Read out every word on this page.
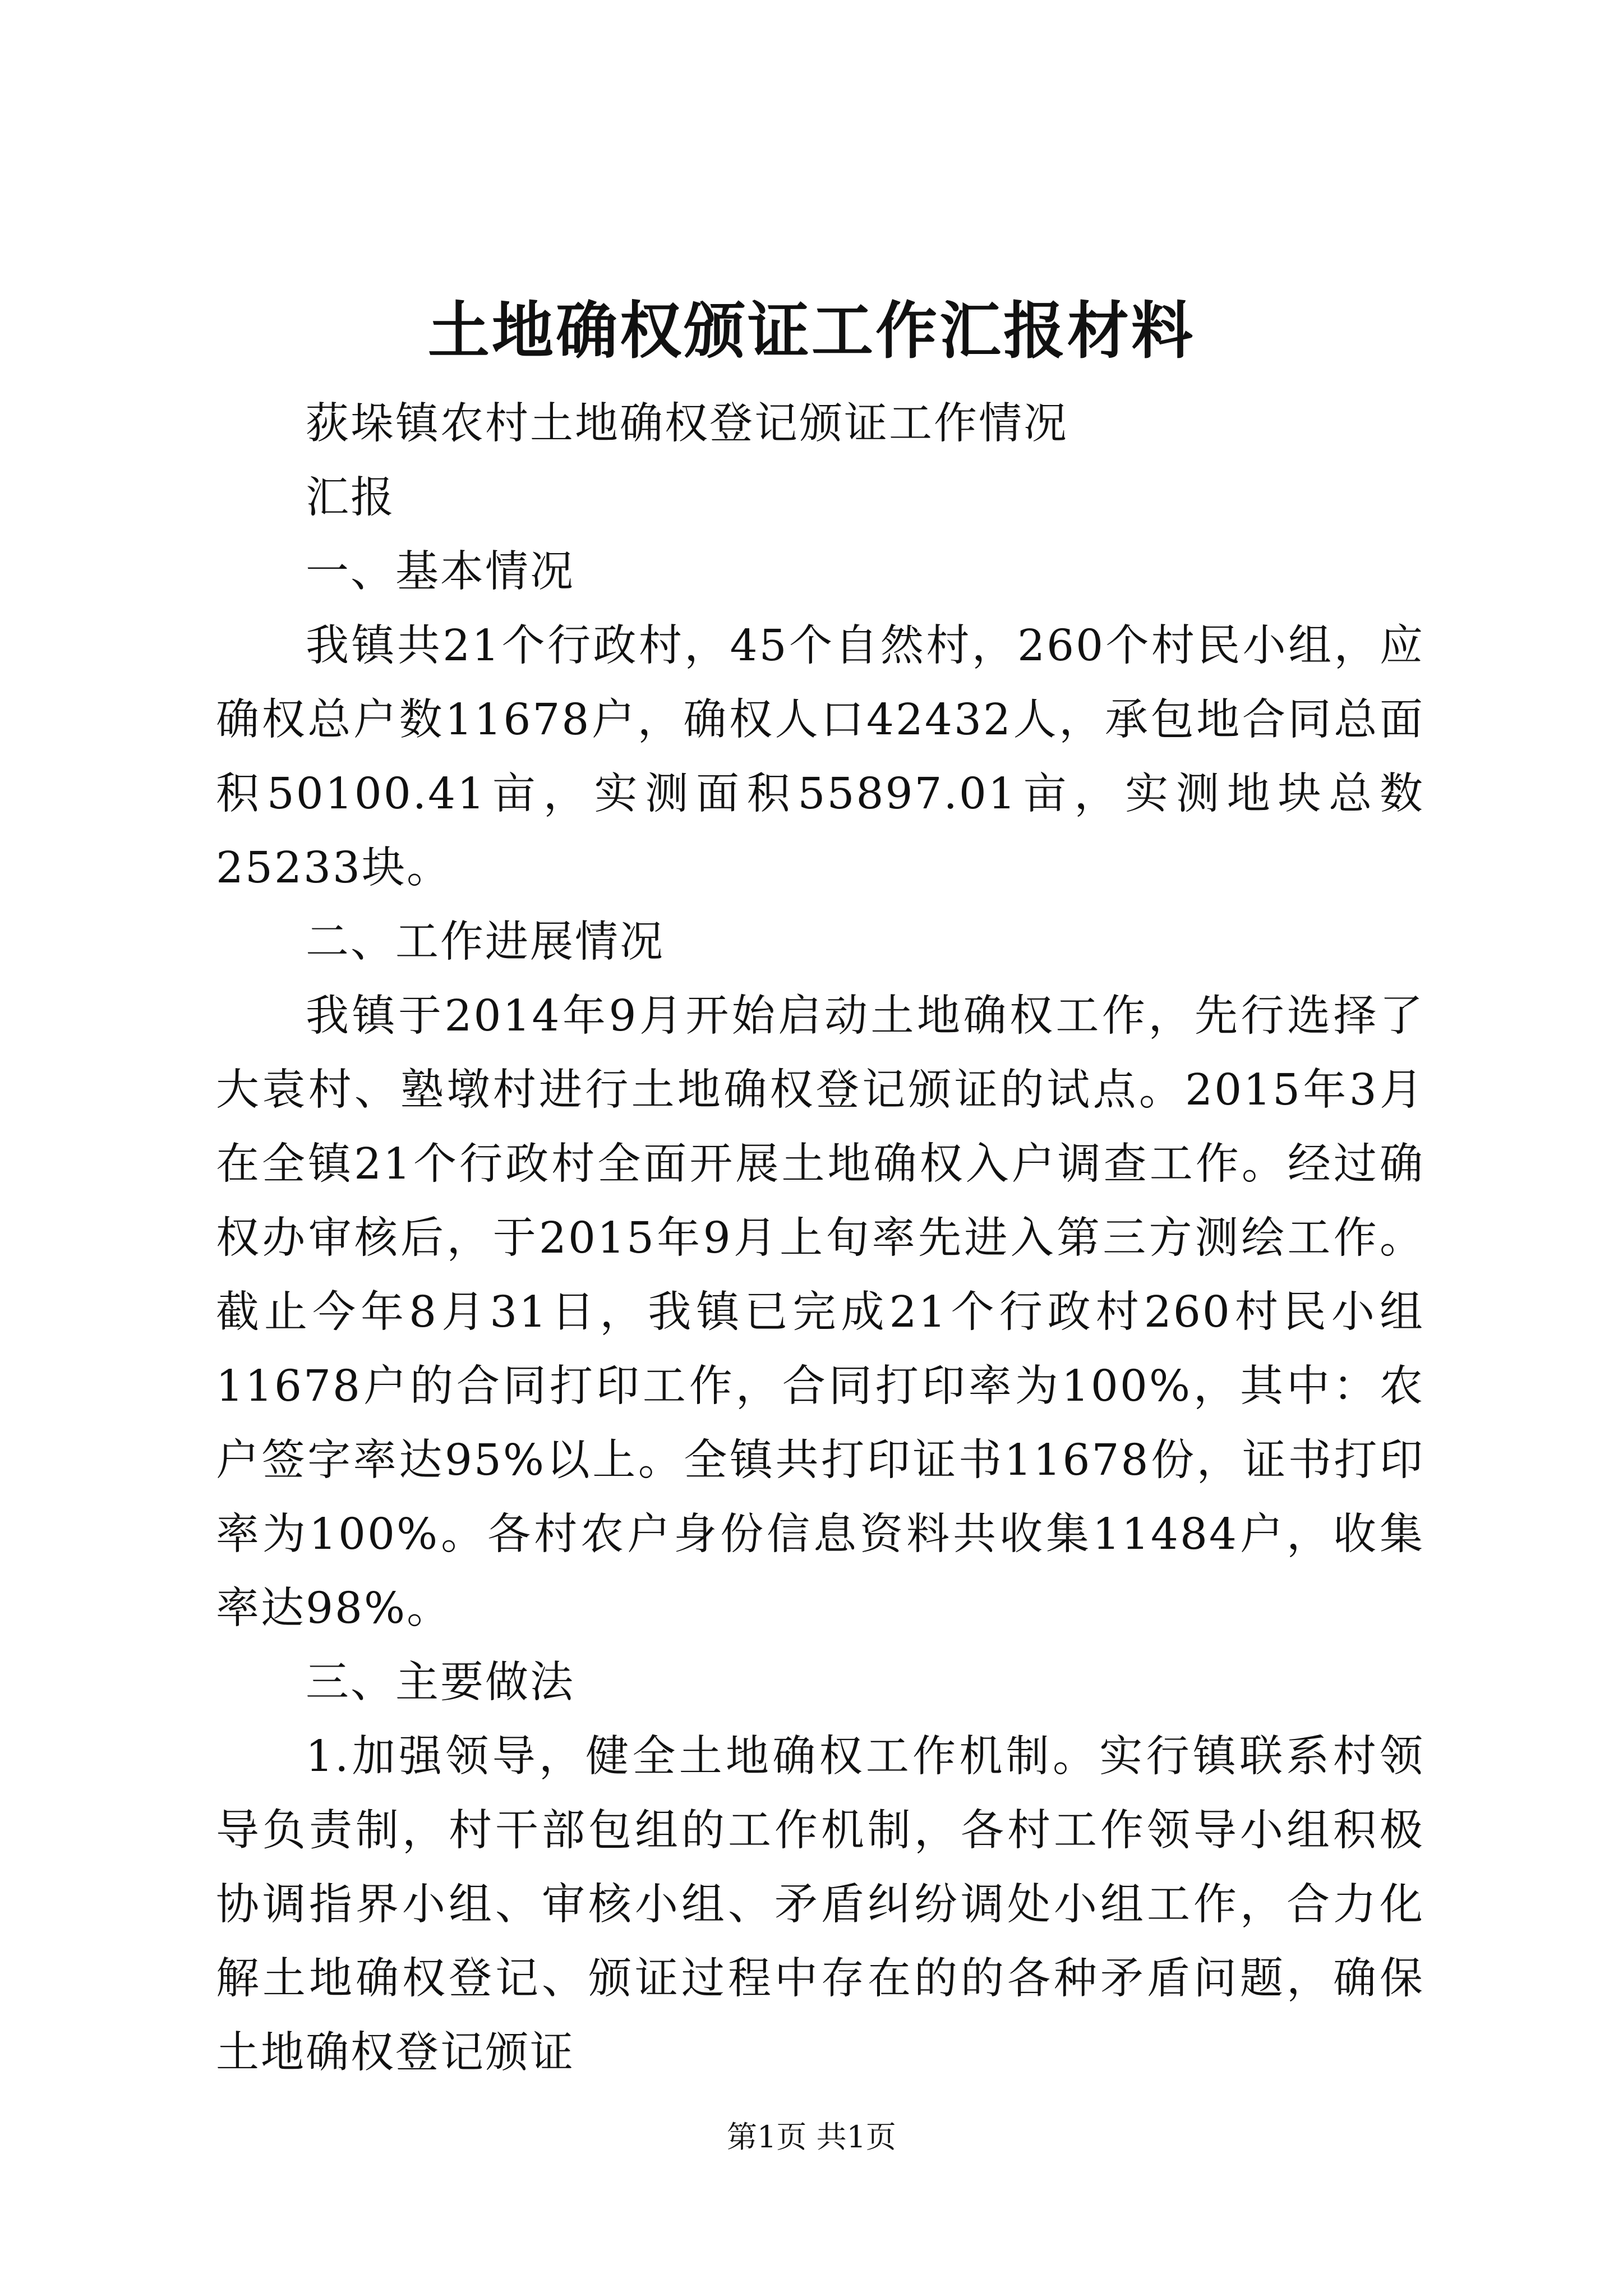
土地确权颁证工作汇报材料

荻垛镇农村土地确权登记颁证工作情况

汇报

一、基本情况

我镇共21个行政村，45个自然村，260个村民小组，应确权总户数11678户，确权人口42432人，承包地合同总面积50100.41亩，实测面积55897.01亩，实测地块总数25233块。

二、工作进展情况

我镇于2014年9月开始启动土地确权工作，先行选择了大袁村、塾墩村进行土地确权登记颁证的试点。2015年3月在全镇21个行政村全面开展土地确权入户调查工作。经过确权办审核后，于2015年9月上旬率先进入第三方测绘工作。截止今年8月31日，我镇已完成21个行政村260村民小组11678户的合同打印工作，合同打印率为100%，其中：农户签字率达95%以上。全镇共打印证书11678份，证书打印率为100%。各村农户身份信息资料共收集11484户，收集率达98%。

三、主要做法

1.加强领导，健全土地确权工作机制。实行镇联系村领导负责制，村干部包组的工作机制，各村工作领导小组积极协调指界小组、审核小组、矛盾纠纷调处小组工作，合力化解土地确权登记、颁证过程中存在的的各种矛盾问题，确保土地确权登记颁证

第1页 共1页
